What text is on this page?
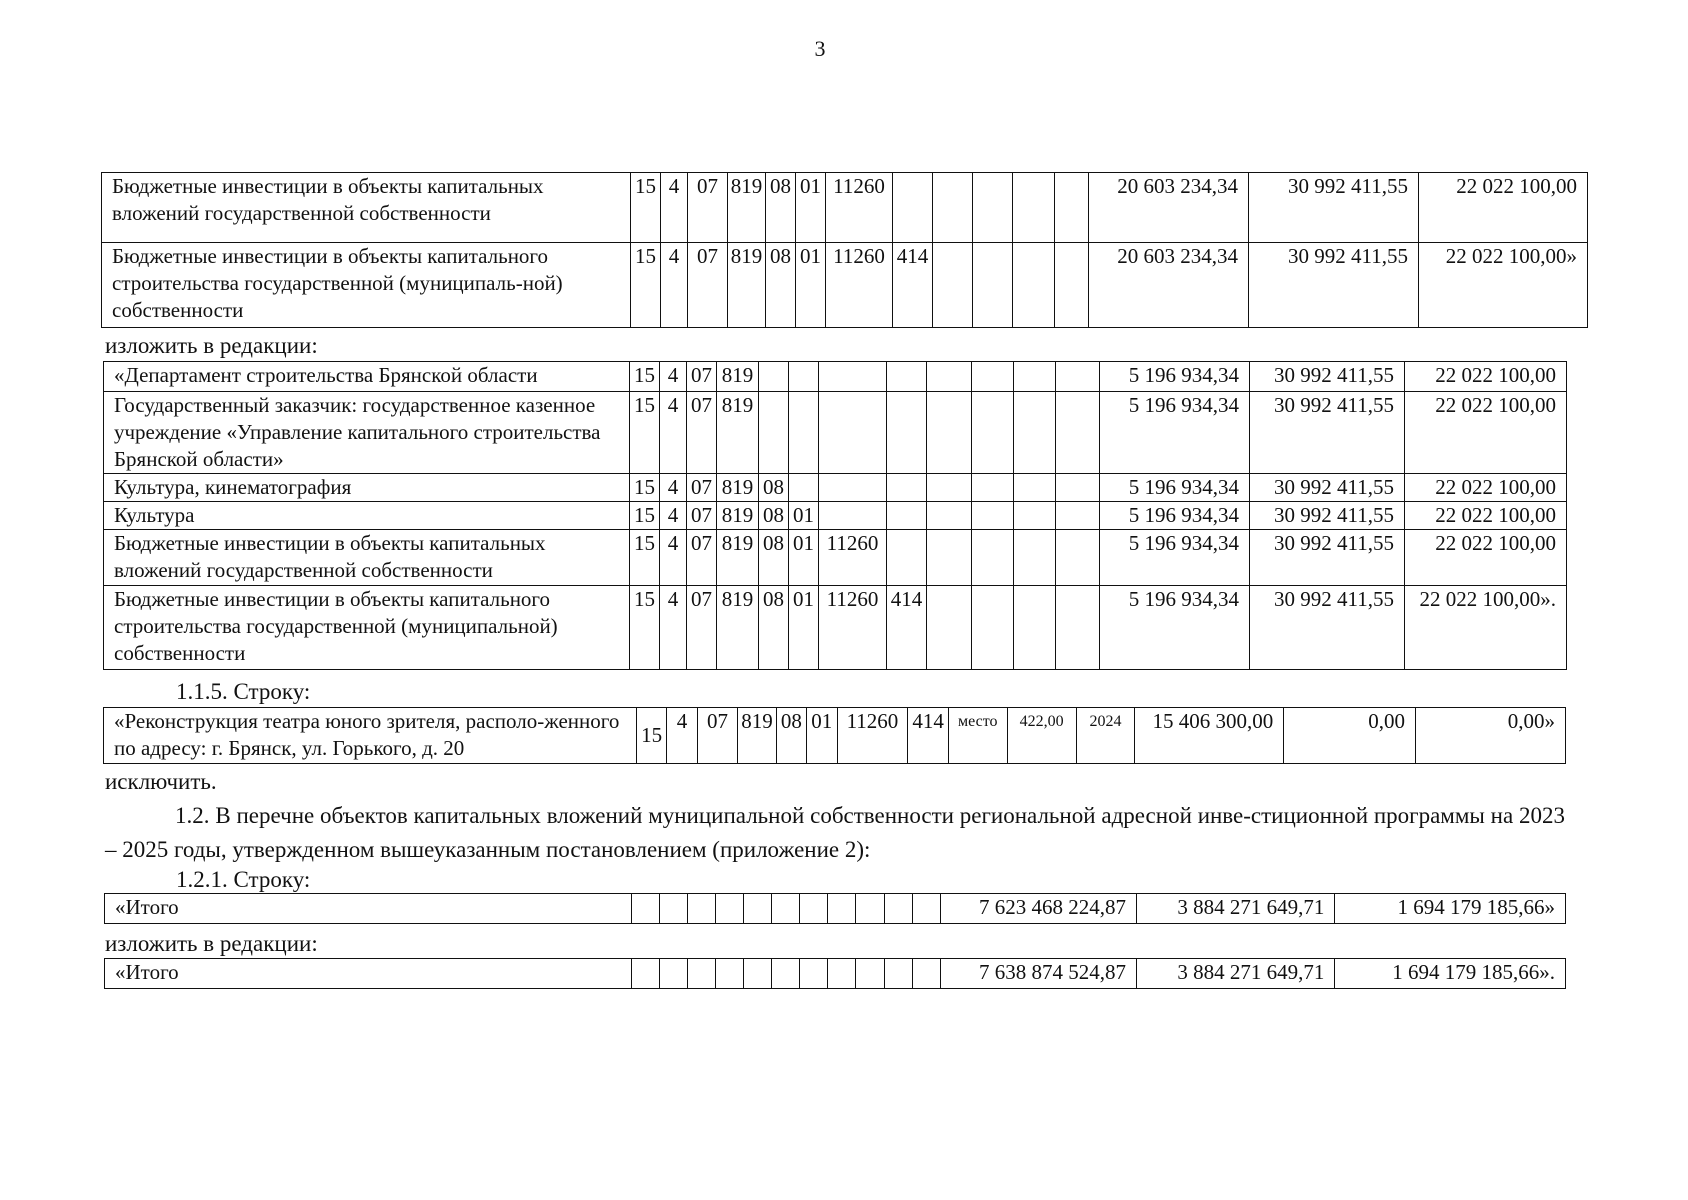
3
Бюджетные инвестиции в объекты капитальных вложений государственной собственности	15	4	07	819	08	01	11260						20 603 234,34	30 992 411,55	22 022 100,00
Бюджетные инвестиции в объекты капитального строительства государственной (муниципаль-ной) собственности	15	4	07	819	08	01	11260	414					20 603 234,34	30 992 411,55	22 022 100,00»
изложить в редакции:
«Департамент строительства Брянской области	15	4	07	819									5 196 934,34	30 992 411,55	22 022 100,00
Государственный заказчик: государственное казенное учреждение «Управление капитального строительства Брянской области»	15	4	07	819									5 196 934,34	30 992 411,55	22 022 100,00
Культура, кинематография	15	4	07	819	08								5 196 934,34	30 992 411,55	22 022 100,00
Культура	15	4	07	819	08	01							5 196 934,34	30 992 411,55	22 022 100,00
Бюджетные инвестиции в объекты капитальных вложений государственной собственности	15	4	07	819	08	01	11260						5 196 934,34	30 992 411,55	22 022 100,00
Бюджетные инвестиции в объекты капитального строительства государственной (муниципальной) собственности	15	4	07	819	08	01	11260	414					5 196 934,34	30 992 411,55	22 022 100,00».
1.1.5. Строку:
«Реконструкция театра юного зрителя, располо-женного по адресу: г. Брянск, ул. Горького, д. 20	15	4	07	819	08	01	11260	414	место	422,00	2024	15 406 300,00	0,00	0,00»
исключить.
1.2. В перечне объектов капитальных вложений муниципальной собственности региональной адресной инве-стиционной программы на 2023 – 2025 годы, утвержденном вышеуказанным постановлением (приложение 2):
1.2.1. Строку:
«Итого												7 623 468 224,87	3 884 271 649,71	1 694 179 185,66»
изложить в редакции:
«Итого												7 638 874 524,87	3 884 271 649,71	1 694 179 185,66».
